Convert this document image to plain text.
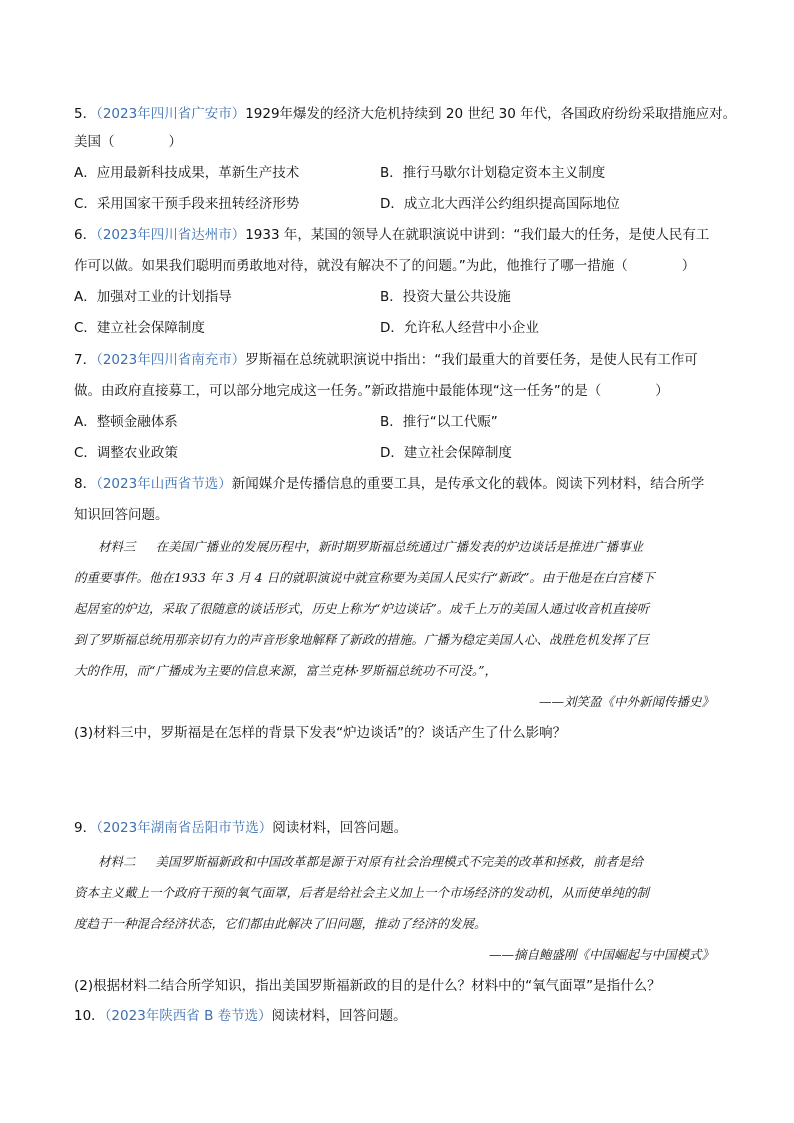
5．（2023年四川省广安市）1929年爆发的经济大危机持续到 20 世纪 30 年代，各国政府纷纷采取措施应对。
美国（　　　　）
A．应用最新科技成果，革新生产技术	B．推行马歇尔计划稳定资本主义制度
C．采用国家干预手段来扭转经济形势	D．成立北大西洋公约组织提高国际地位
6．（2023年四川省达州市）1933 年，某国的领导人在就职演说中讲到：“我们最大的任务，是使人民有工
作可以做。如果我们聪明而勇敢地对待，就没有解决不了的问题。”为此，他推行了哪一措施（　　　　）
A．加强对工业的计划指导	B．投资大量公共设施
C．建立社会保障制度	D．允许私人经营中小企业
7．（2023年四川省南充市）罗斯福在总统就职演说中指出：“我们最重大的首要任务，是使人民有工作可
做。由政府直接募工，可以部分地完成这一任务。”新政措施中最能体现“这一任务”的是（　　　　）
A．整顿金融体系	B．推行“以工代赈”
C．调整农业政策	D．建立社会保障制度
8．（2023年山西省节选）新闻媒介是传播信息的重要工具，是传承文化的载体。阅读下列材料，结合所学
知识回答问题。
材料三 在美国广播业的发展历程中，新时期罗斯福总统通过广播发表的炉边谈话是推进广播事业
的重要事件。他在1933 年 3 月 4 日的就职演说中就宣称要为美国人民实行“新政”。由于他是在白宫楼下
起居室的炉边，采取了很随意的谈话形式，历史上称为“炉边谈话”。成千上万的美国人通过收音机直接听
到了罗斯福总统用那亲切有力的声音形象地解释了新政的措施。广播为稳定美国人心、战胜危机发挥了巨
大的作用，而“广播成为主要的信息来源，富兰克林·罗斯福总统功不可没。”，
——刘笑盈《中外新闻传播史》
(3)材料三中，罗斯福是在怎样的背景下发表“炉边谈话”的？谈话产生了什么影响？
9．（2023年湖南省岳阳市节选）阅读材料，回答问题。
材料二 美国罗斯福新政和中国改革都是源于对原有社会治理模式不完美的改革和拯救，前者是给
资本主义戴上一个政府干预的氧气面罩，后者是给社会主义加上一个市场经济的发动机，从而使单纯的制
度趋于一种混合经济状态，它们都由此解决了旧问题，推动了经济的发展。
——摘自鲍盛刚《中国崛起与中国模式》
(2)根据材料二结合所学知识，指出美国罗斯福新政的目的是什么？材料中的“氧气面罩”是指什么？
10．（2023年陕西省 B 卷节选）阅读材料，回答问题。
